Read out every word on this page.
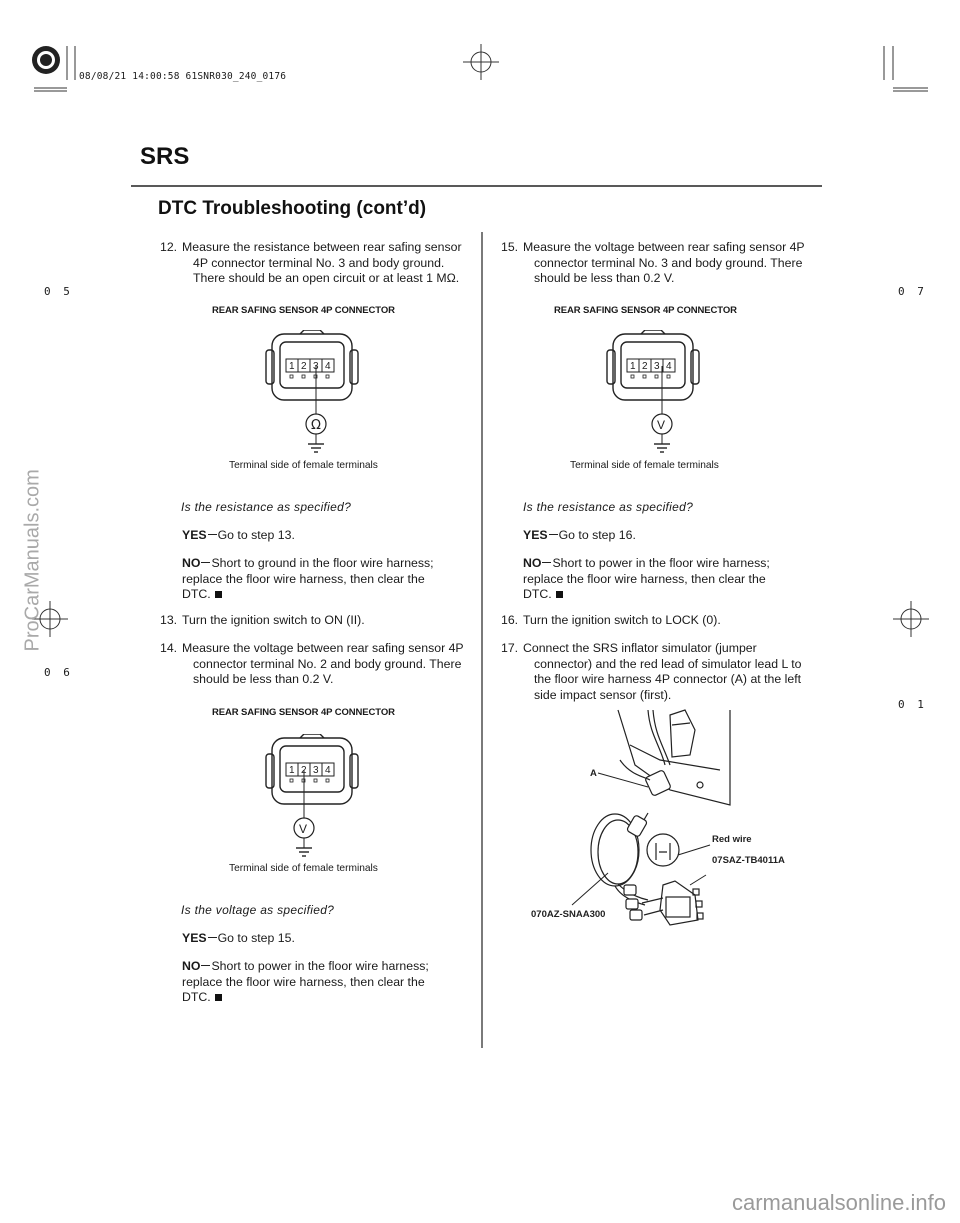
08/08/21 14:00:58 61SNR030_240_0176
0 5	0 7
0 6
0 1
ProCarManuals.com
SRS
DTC Troubleshooting (cont’d)
12. Measure the resistance between rear safing sensor
4P connector terminal No. 3 and body ground.
There should be an open circuit or at least 1 MΩ.
REAR SAFING SENSOR 4P CONNECTOR
1 2 3 4
Ω
Terminal side of female terminals
Is the resistance as specified?
YES Go to step 13.
NO Short to ground in the floor wire harness;
replace the floor wire harness, then clear the
DTC.
13. Turn the ignition switch to ON (II).
14. Measure the voltage between rear safing sensor 4P
connector terminal No. 2 and body ground. There
should be less than 0.2 V.
REAR SAFING SENSOR 4P CONNECTOR
1 2 3 4
V
Terminal side of female terminals
Is the voltage as specified?
YES Go to step 15.
NO Short to power in the floor wire harness;
replace the floor wire harness, then clear the
DTC.
15. Measure the voltage between rear safing sensor 4P
connector terminal No. 3 and body ground. There
should be less than 0.2 V.
REAR SAFING SENSOR 4P CONNECTOR
1 2 3 4
V
Terminal side of female terminals
Is the resistance as specified?
YES Go to step 16.
NO Short to power in the floor wire harness;
replace the floor wire harness, then clear the
DTC.
16. Turn the ignition switch to LOCK (0).
17. Connect the SRS inflator simulator (jumper
connector) and the red lead of simulator lead L to
the floor wire harness 4P connector (A) at the left
side impact sensor (first).
A
Red wire
07SAZ-TB4011A
070AZ-SNAA300
carmanualsonline.info
